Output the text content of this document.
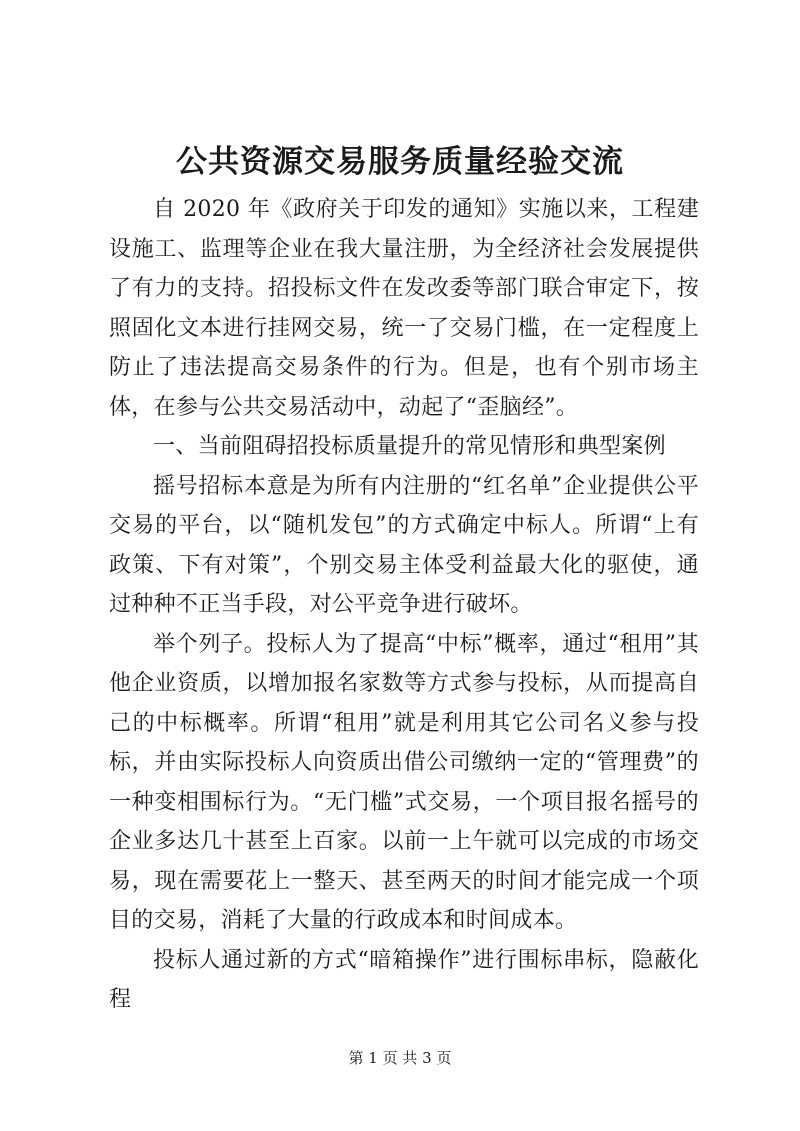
公共资源交易服务质量经验交流

自 2020 年《政府关于印发的通知》实施以来，工程建设施工、监理等企业在我大量注册，为全经济社会发展提供了有力的支持。招投标文件在发改委等部门联合审定下，按照固化文本进行挂网交易，统一了交易门槛，在一定程度上防止了违法提高交易条件的行为。但是，也有个别市场主体，在参与公共交易活动中，动起了“歪脑经”。

一、当前阻碍招投标质量提升的常见情形和典型案例

摇号招标本意是为所有内注册的“红名单”企业提供公平交易的平台，以“随机发包”的方式确定中标人。所谓“上有政策、下有对策”，个别交易主体受利益最大化的驱使，通过种种不正当手段，对公平竞争进行破坏。

举个列子。投标人为了提高“中标”概率，通过“租用”其他企业资质，以增加报名家数等方式参与投标，从而提高自己的中标概率。所谓“租用”就是利用其它公司名义参与投标，并由实际投标人向资质出借公司缴纳一定的“管理费”的一种变相围标行为。“无门槛”式交易，一个项目报名摇号的企业多达几十甚至上百家。以前一上午就可以完成的市场交易，现在需要花上一整天、甚至两天的时间才能完成一个项目的交易，消耗了大量的行政成本和时间成本。

投标人通过新的方式“暗箱操作”进行围标串标，隐蔽化程

第 1 页 共 3 页
